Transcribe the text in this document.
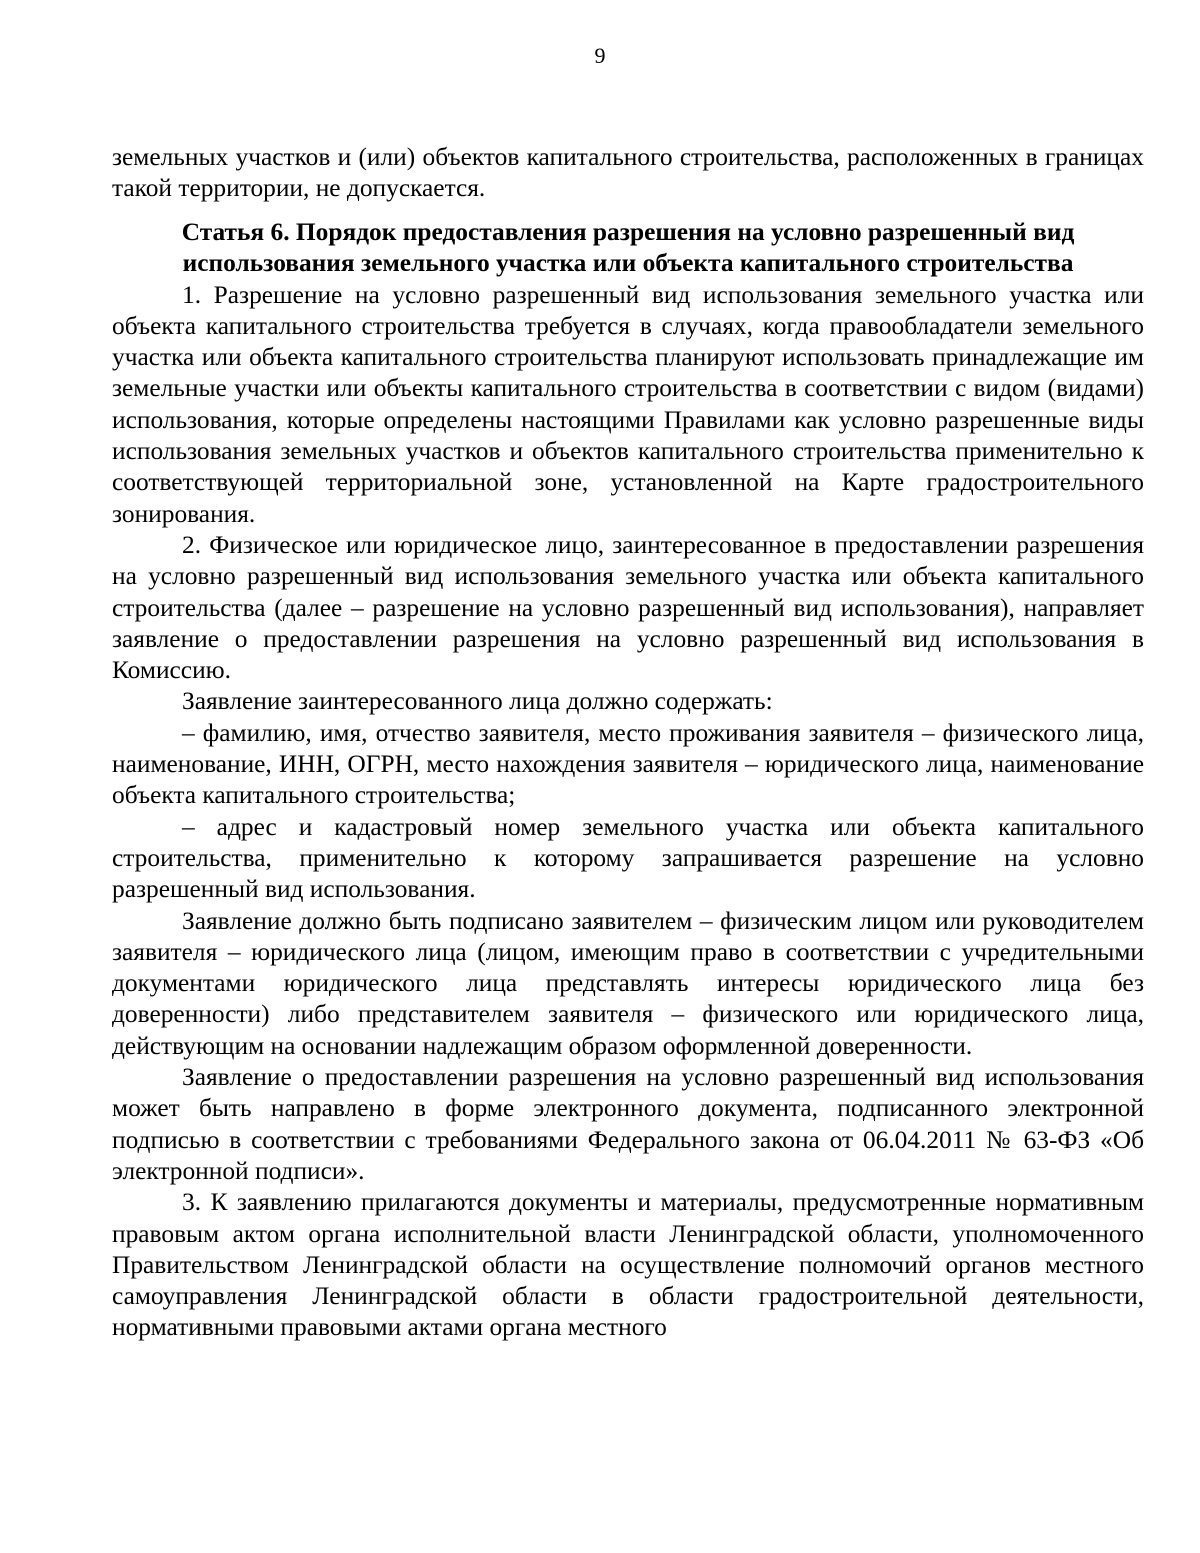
9

земельных участков и (или) объектов капитального строительства, расположенных в границах такой территории, не допускается.

Статья 6. Порядок предоставления разрешения на условно разрешенный вид использования земельного участка или объекта капитального строительства

1. Разрешение на условно разрешенный вид использования земельного участка или объекта капитального строительства требуется в случаях, когда правообладатели земельного участка или объекта капитального строительства планируют использовать принадлежащие им земельные участки или объекты капитального строительства в соответствии с видом (видами) использования, которые определены настоящими Правилами как условно разрешенные виды использования земельных участков и объектов капитального строительства применительно к соответствующей территориальной зоне, установленной на Карте градостроительного зонирования.

2. Физическое или юридическое лицо, заинтересованное в предоставлении разрешения на условно разрешенный вид использования земельного участка или объекта капитального строительства (далее – разрешение на условно разрешенный вид использования), направляет заявление о предоставлении разрешения на условно разрешенный вид использования в Комиссию.

Заявление заинтересованного лица должно содержать:

– фамилию, имя, отчество заявителя, место проживания заявителя – физического лица, наименование, ИНН, ОГРН, место нахождения заявителя – юридического лица, наименование объекта капитального строительства;

– адрес и кадастровый номер земельного участка или объекта капитального строительства, применительно к которому запрашивается разрешение на условно разрешенный вид использования.

Заявление должно быть подписано заявителем – физическим лицом или руководителем заявителя – юридического лица (лицом, имеющим право в соответствии с учредительными документами юридического лица представлять интересы юридического лица без доверенности) либо представителем заявителя – физического или юридического лица, действующим на основании надлежащим образом оформленной доверенности.

Заявление о предоставлении разрешения на условно разрешенный вид использования может быть направлено в форме электронного документа, подписанного электронной подписью в соответствии с требованиями Федерального закона от 06.04.2011 № 63-ФЗ «Об электронной подписи».

3. К заявлению прилагаются документы и материалы, предусмотренные нормативным правовым актом органа исполнительной власти Ленинградской области, уполномоченного Правительством Ленинградской области на осуществление полномочий органов местного самоуправления Ленинградской области в области градостроительной деятельности, нормативными правовыми актами органа местного
